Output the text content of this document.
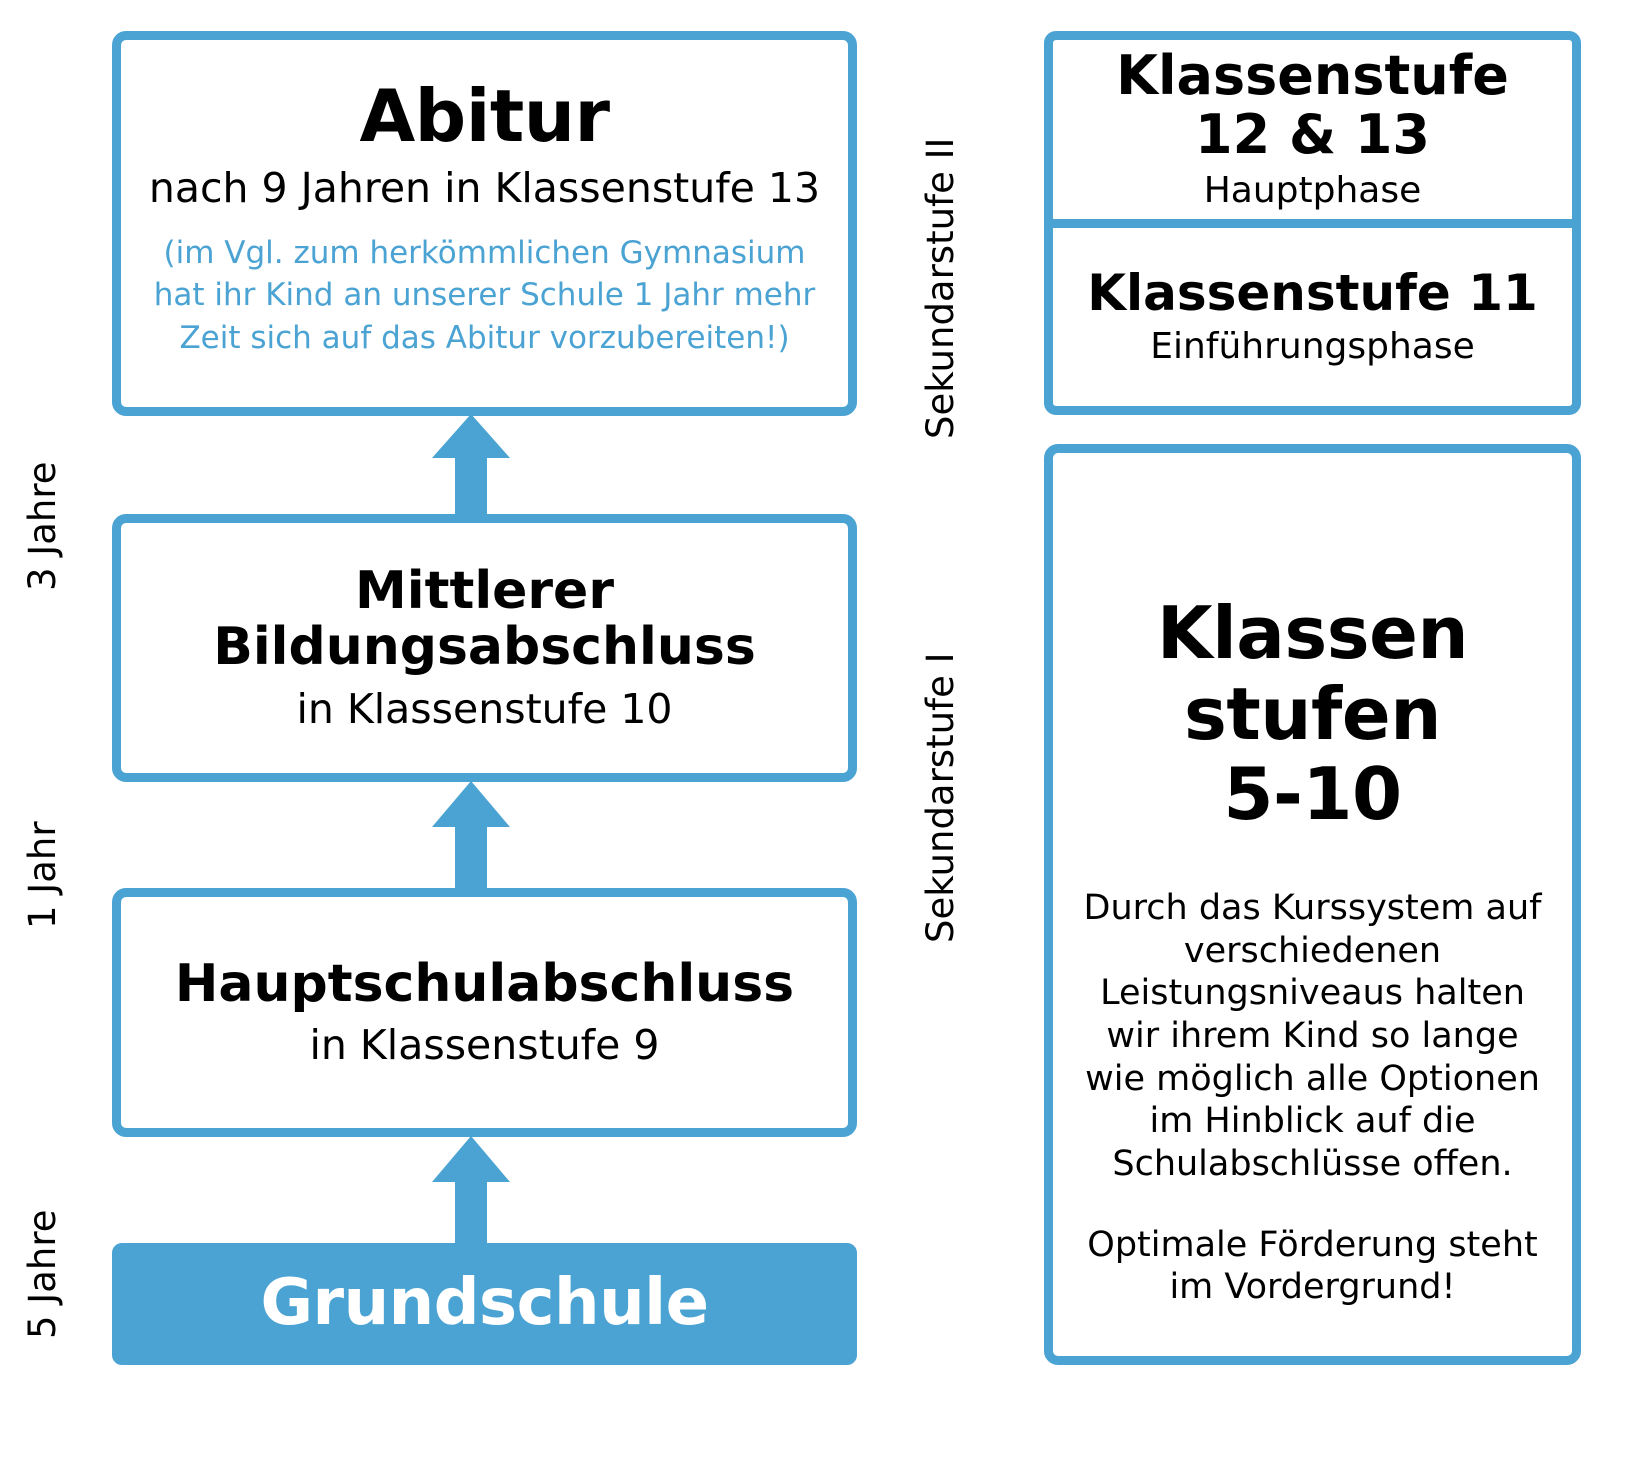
3 Jahre
1 Jahr
5 Jahre
Abitur
nach 9 Jahren in Klassenstufe 13
(im Vgl. zum herkömmlichen Gymnasium hat ihr Kind an unserer Schule 1 Jahr mehr Zeit sich auf das Abitur vorzubereiten!)
Mittlerer
Bildungsabschluss
in Klassenstufe 10
Hauptschulabschluss
in Klassenstufe 9
Grundschule
Sekundarstufe II
Sekundarstufe I
Klassenstufe
12 & 13
Hauptphase
Klassenstufe 11
Einführungsphase
Klassen
stufen
5-10

Durch das Kurssystem auf verschiedenen Leistungsniveaus halten wir ihrem Kind so lange wie möglich alle Optionen im Hinblick auf die Schulabschlüsse offen.

Optimale Förderung steht im Vordergrund!
